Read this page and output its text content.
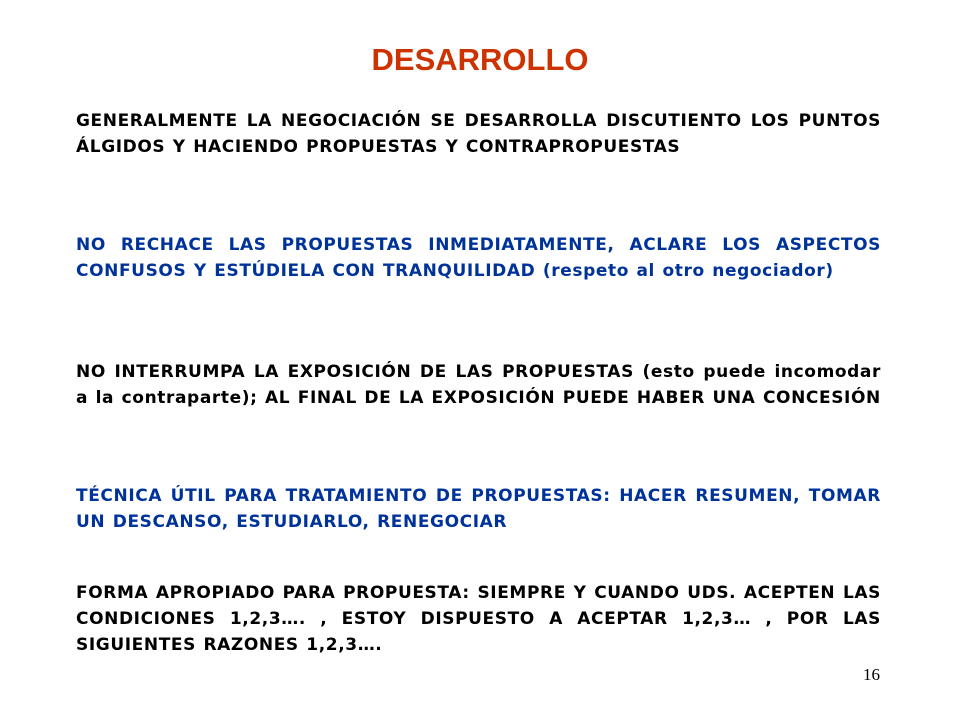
DESARROLLO

GENERALMENTE LA NEGOCIACIÓN SE DESARROLLA DISCUTIENTO LOS PUNTOS ÁLGIDOS Y HACIENDO PROPUESTAS Y CONTRAPROPUESTAS

NO RECHACE LAS PROPUESTAS INMEDIATAMENTE, ACLARE LOS ASPECTOS CONFUSOS Y ESTÚDIELA CON TRANQUILIDAD (respeto al otro negociador)

NO INTERRUMPA LA EXPOSICIÓN DE LAS PROPUESTAS (esto puede incomodar a la contraparte); AL FINAL DE LA EXPOSICIÓN PUEDE HABER UNA CONCESIÓN

TÉCNICA ÚTIL PARA TRATAMIENTO DE PROPUESTAS: HACER RESUMEN, TOMAR UN DESCANSO, ESTUDIARLO, RENEGOCIAR

FORMA APROPIADO PARA PROPUESTA: SIEMPRE Y CUANDO UDS. ACEPTEN LAS CONDICIONES 1,2,3…. , ESTOY DISPUESTO A ACEPTAR 1,2,3… , POR LAS SIGUIENTES RAZONES 1,2,3….

16
